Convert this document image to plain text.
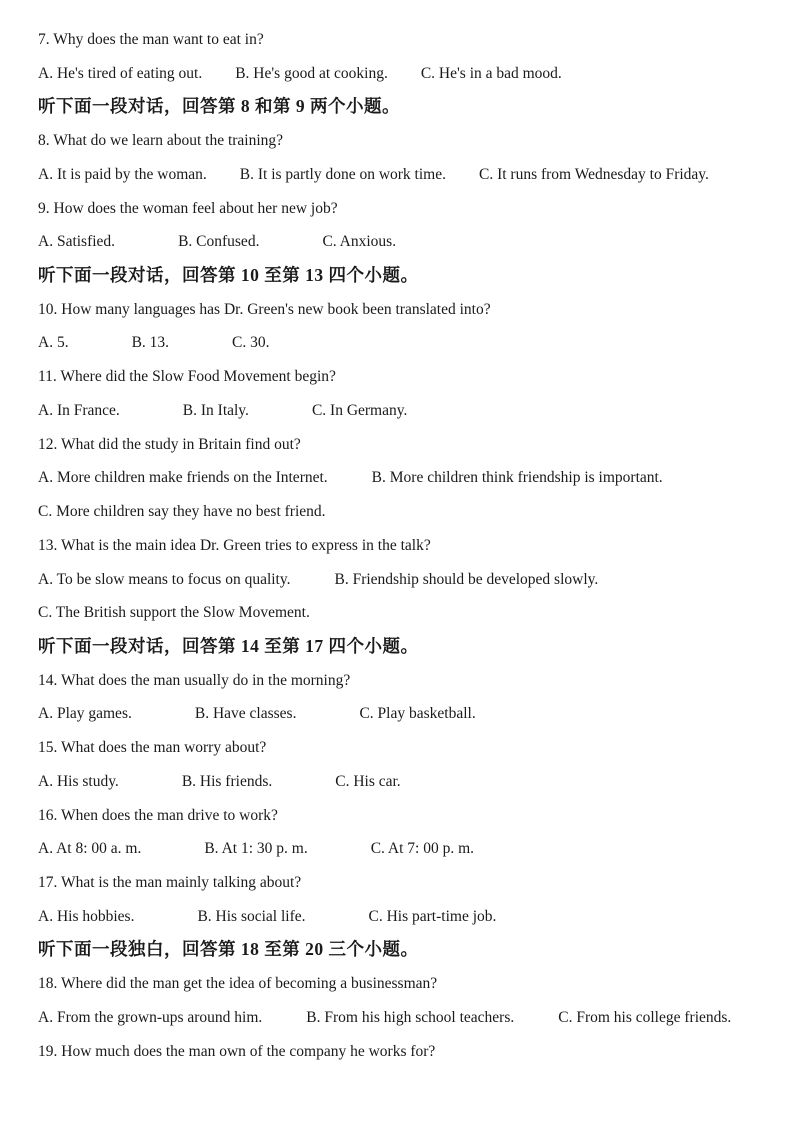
7. Why does the man want to eat in?
A. He's tired of eating out. B. He's good at cooking. C. He's in a bad mood.
听下面一段对话，回答第 8 和第 9 两个小题。
8. What do we learn about the training?
A. It is paid by the woman. B. It is partly done on work time. C. It runs from Wednesday to Friday.
9. How does the woman feel about her new job?
A. Satisfied.	B. Confused.	C. Anxious.
听下面一段对话，回答第 10 至第 13 四个小题。
10. How many languages has Dr. Green's new book been translated into?
A. 5.	B. 13.	C. 30.
11. Where did the Slow Food Movement begin?
A. In France.	B. In Italy.	C. In Germany.
12. What did the study in Britain find out?
A. More children make friends on the Internet.	B. More children think friendship is important.
C. More children say they have no best friend.
13. What is the main idea Dr. Green tries to express in the talk?
A. To be slow means to focus on quality.	B. Friendship should be developed slowly.
C. The British support the Slow Movement.
听下面一段对话，回答第 14 至第 17 四个小题。
14. What does the man usually do in the morning?
A. Play games.	B. Have classes.	C. Play basketball.
15. What does the man worry about?
A. His study.	B. His friends.	C. His car.
16. When does the man drive to work?
A. At 8: 00 a. m.	B. At 1: 30 p. m.	C. At 7: 00 p. m.
17. What is the man mainly talking about?
A. His hobbies.	B. His social life.	C. His part-time job.
听下面一段独白，回答第 18 至第 20 三个小题。
18. Where did the man get the idea of becoming a businessman?
A. From the grown-ups around him.	B. From his high school teachers.	C. From his college friends.
19. How much does the man own of the company he works for?
